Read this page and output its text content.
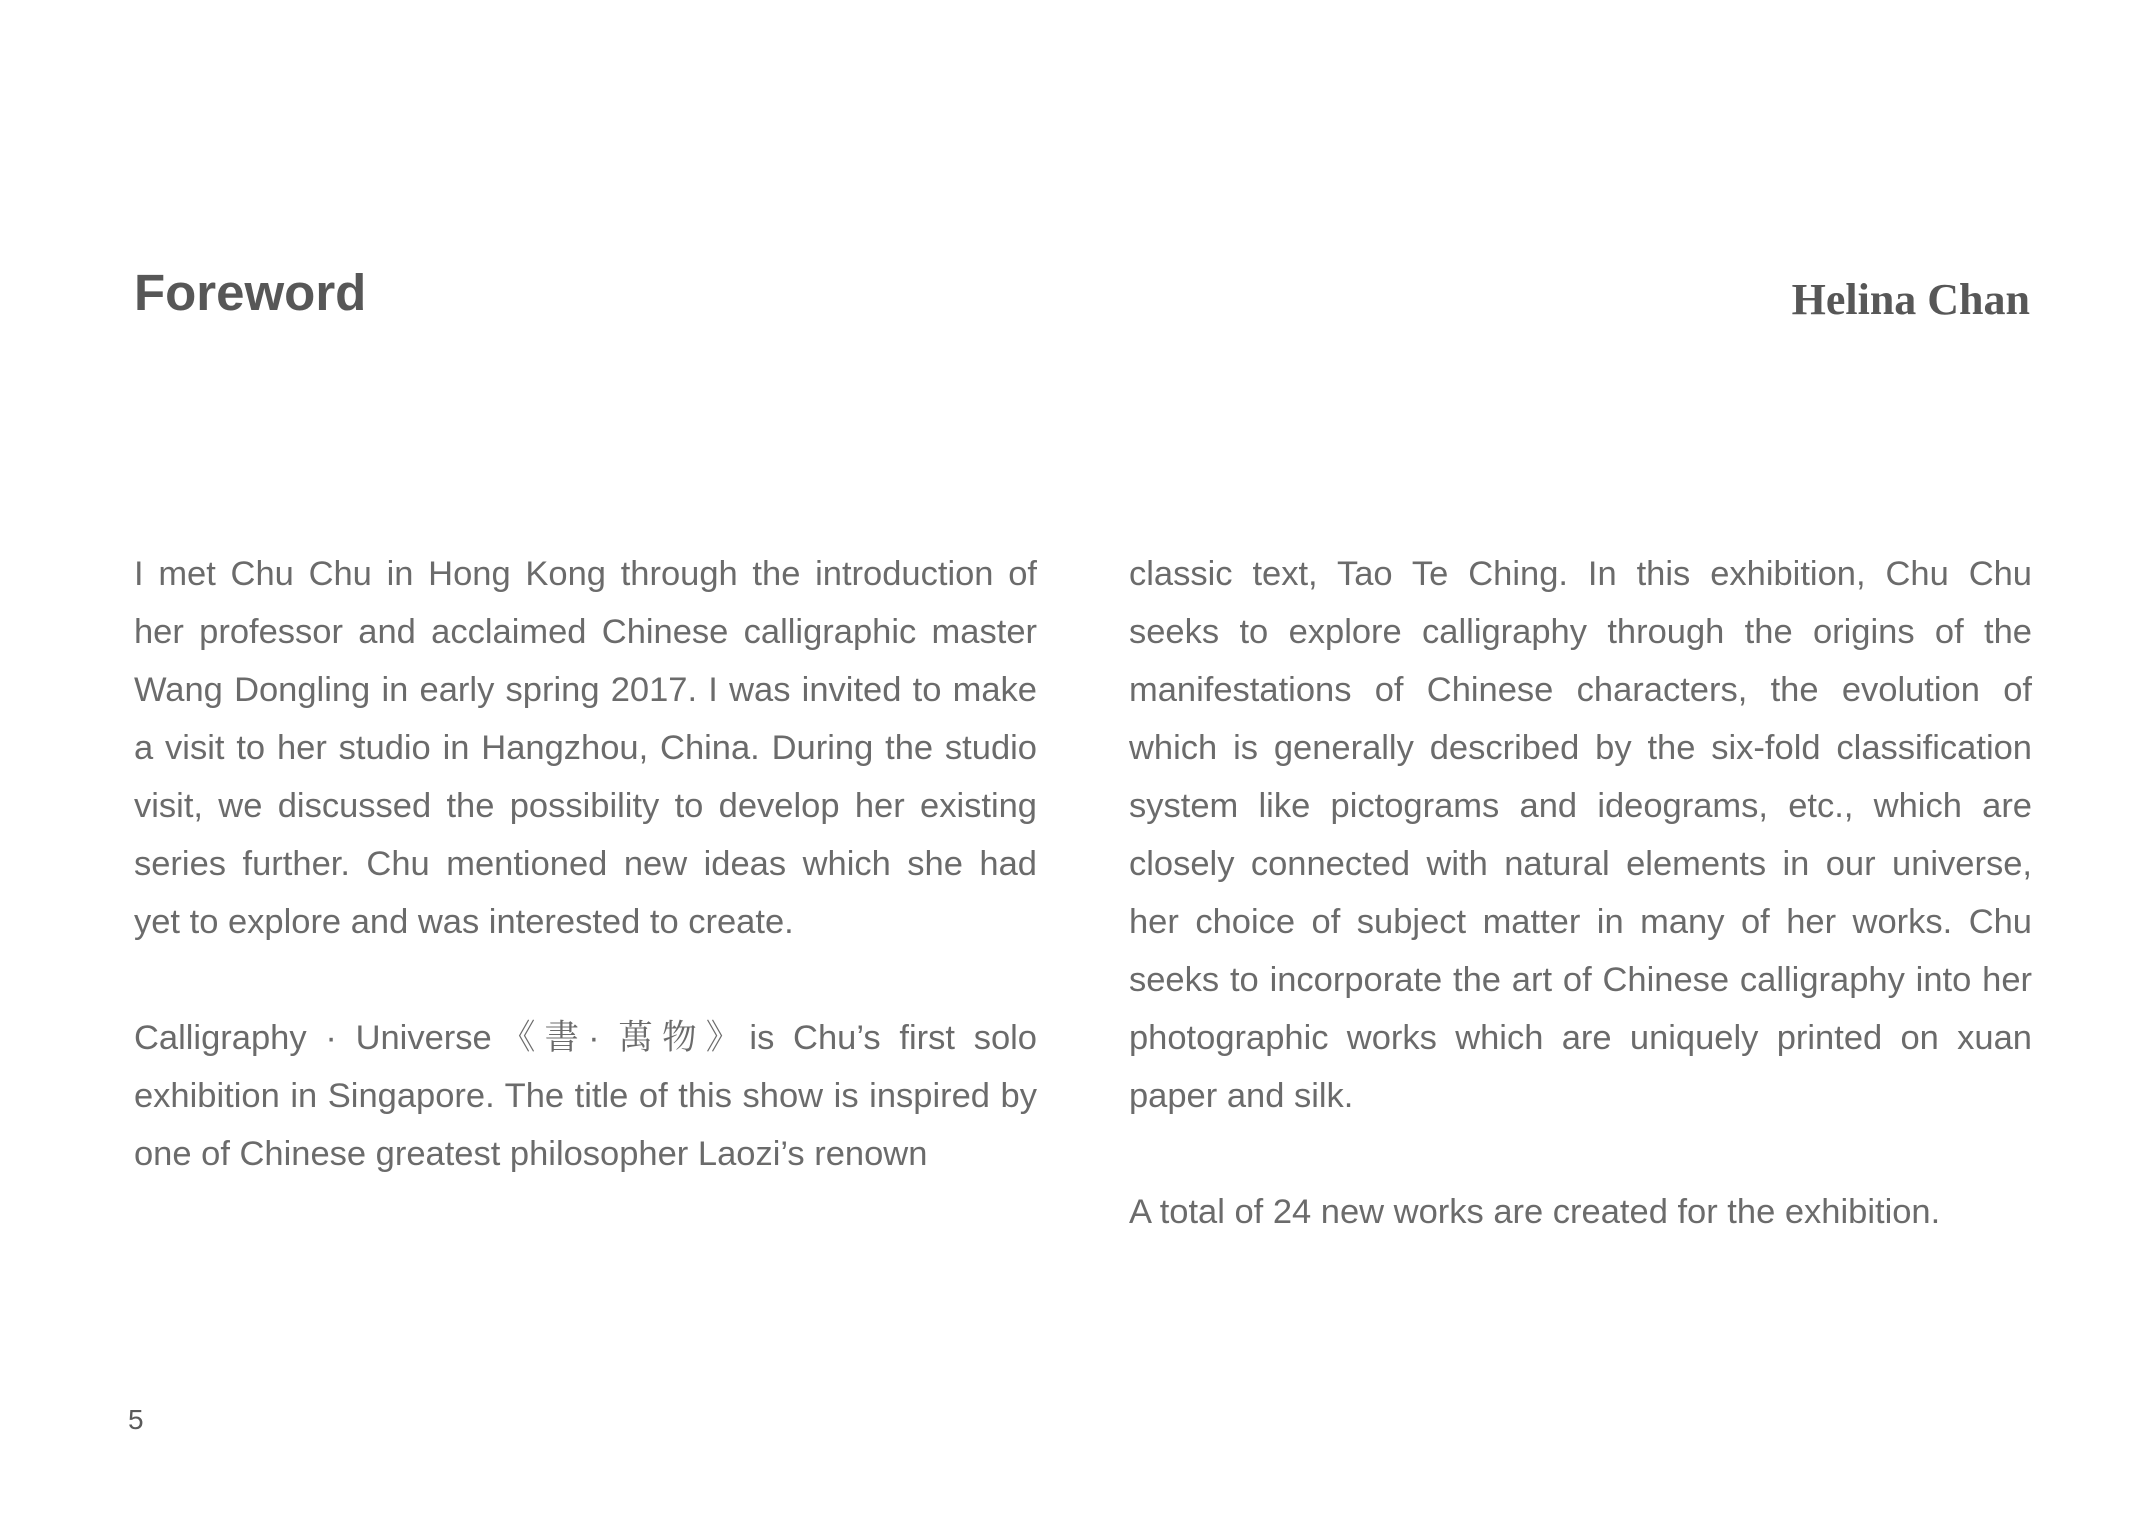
Foreword	Helina Chan

I met Chu Chu in Hong Kong through the introduction of her professor and acclaimed Chinese calligraphic master Wang Dongling in early spring 2017. I was invited to make a visit to her studio in Hangzhou, China. During the studio visit, we discussed the possibility to develop her existing series further. Chu mentioned new ideas which she had yet to explore and was interested to create.

Calligraphy · Universe《書· 萬物》is Chu’s first solo exhibition in Singapore. The title of this show is inspired by one of Chinese greatest philosopher Laozi’s renown

classic text, Tao Te Ching. In this exhibition, Chu Chu seeks to explore calligraphy through the origins of the manifestations of Chinese characters, the evolution of which is generally described by the six-fold classification system like pictograms and ideograms, etc., which are closely connected with natural elements in our universe, her choice of subject matter in many of her works. Chu seeks to incorporate the art of Chinese calligraphy into her photographic works which are uniquely printed on xuan paper and silk.

A total of 24 new works are created for the exhibition.

5
